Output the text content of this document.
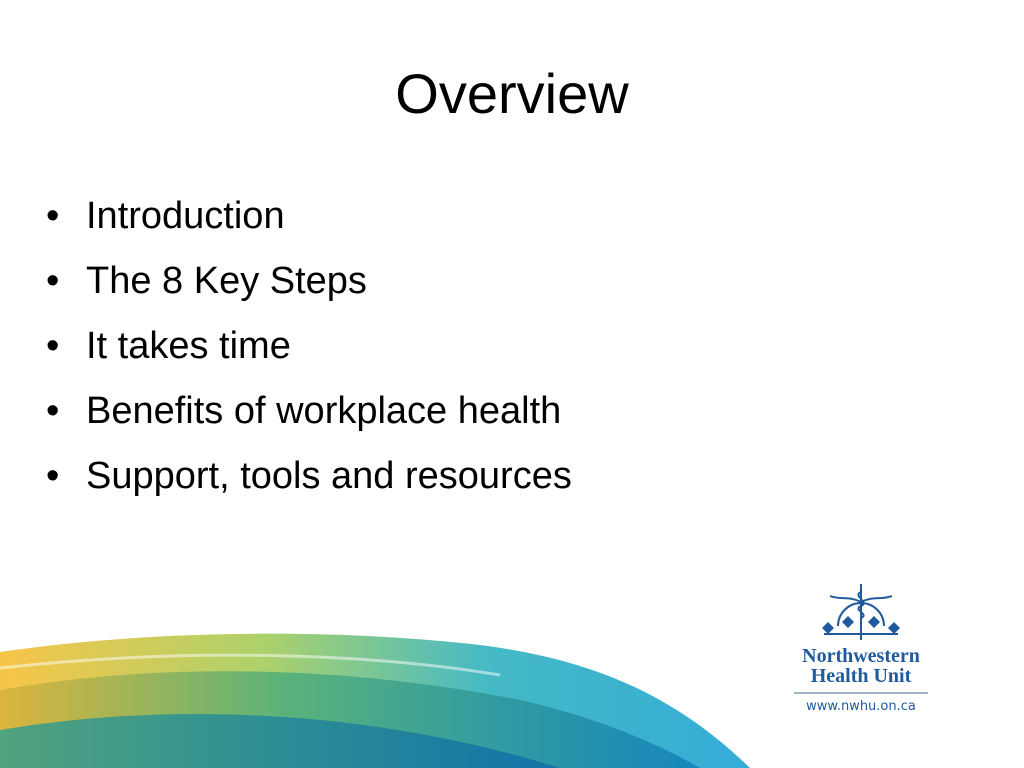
Overview
• Introduction
• The 8 Key Steps
• It takes time
• Benefits of workplace health
• Support, tools and resources
Northwestern
Health Unit
www.nwhu.on.ca
